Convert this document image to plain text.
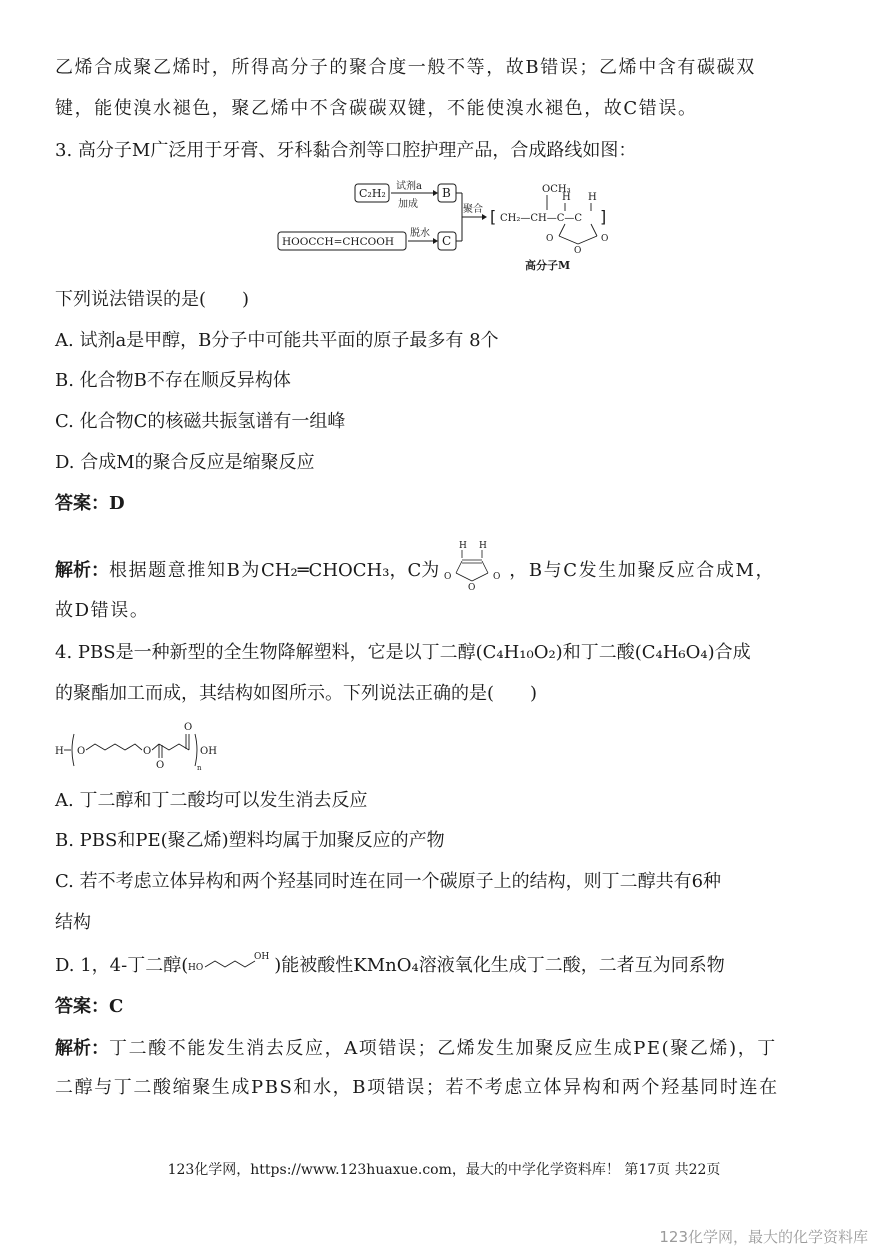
乙烯合成聚乙烯时，所得高分子的聚合度一般不等，故B错误；乙烯中含有碳碳双
键，能使溴水褪色，聚乙烯中不含碳碳双键，不能使溴水褪色，故C错误。
3. 高分子M广泛用于牙膏、牙科黏合剂等口腔护理产品，合成路线如图：
C₂H₂
试剂a
加成
B
HOOCCH=CHCOOH
脱水
C
聚合 [
OCH₃
H H
CH₂—CH—C—C ]
O
O
O
高分子M
下列说法错误的是(　　)
A. 试剂a是甲醇，B分子中可能共平面的原子最多有 8个
B. 化合物B不存在顺反异构体
C. 化合物C的核磁共振氢谱有一组峰
D. 合成M的聚合反应是缩聚反应
答案：D
解析：根据题意推知B为CH₂═CHOCH₃，C为
H H
O
O
O ，B与C发生加聚反应合成M，
故D错误。
4. PBS是一种新型的全生物降解塑料，它是以丁二醇(C₄H₁₀O₂)和丁二酸(C₄H₆O₄)合成
的聚酯加工而成，其结构如图所示。下列说法正确的是(　　)
H O	O
O
O
n
OH
A. 丁二醇和丁二酸均可以发生消去反应
B. PBS和PE(聚乙烯)塑料均属于加聚反应的产物
C. 若不考虑立体异构和两个羟基同时连在同一个碳原子上的结构，则丁二醇共有6种
结构
D. 1，4-丁二醇( HO
OH )能被酸性KMnO₄溶液氧化生成丁二酸，二者互为同系物
答案：C
解析：丁二酸不能发生消去反应，A项错误；乙烯发生加聚反应生成PE(聚乙烯)，丁
二醇与丁二酸缩聚生成PBS和水，B项错误；若不考虑立体异构和两个羟基同时连在
123化学网，https://www.123huaxue.com，最大的中学化学资料库！ 第17页 共22页
123化学网，最大的化学资料库
